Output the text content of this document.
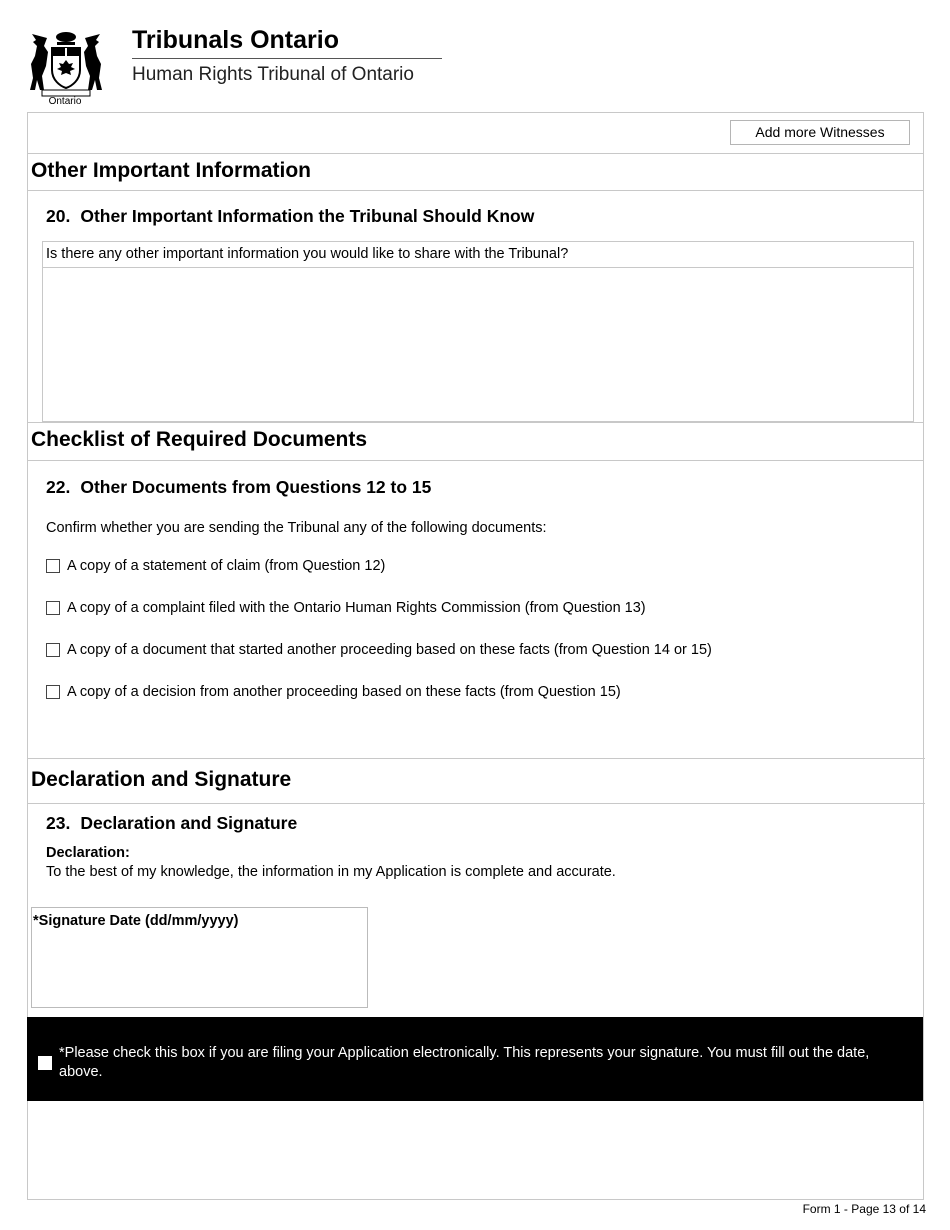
Ontario
Tribunals Ontario
Human Rights Tribunal of Ontario
Add more Witnesses
Other Important Information
20. Other Important Information the Tribunal Should Know
Is there any other important information you would like to share with the Tribunal?
Checklist of Required Documents
22. Other Documents from Questions 12 to 15
Confirm whether you are sending the Tribunal any of the following documents:
A copy of a statement of claim (from Question 12)
A copy of a complaint filed with the Ontario Human Rights Commission (from Question 13)
A copy of a document that started another proceeding based on these facts (from Question 14 or 15)
A copy of a decision from another proceeding based on these facts (from Question 15)
Declaration and Signature
23. Declaration and Signature
Declaration:
To the best of my knowledge, the information in my Application is complete and accurate.
*Signature Date (dd/mm/yyyy)
*Please check this box if you are filing your Application electronically. This represents your signature. You must fill out the date, above.
Form 1 - Page 13 of 14
